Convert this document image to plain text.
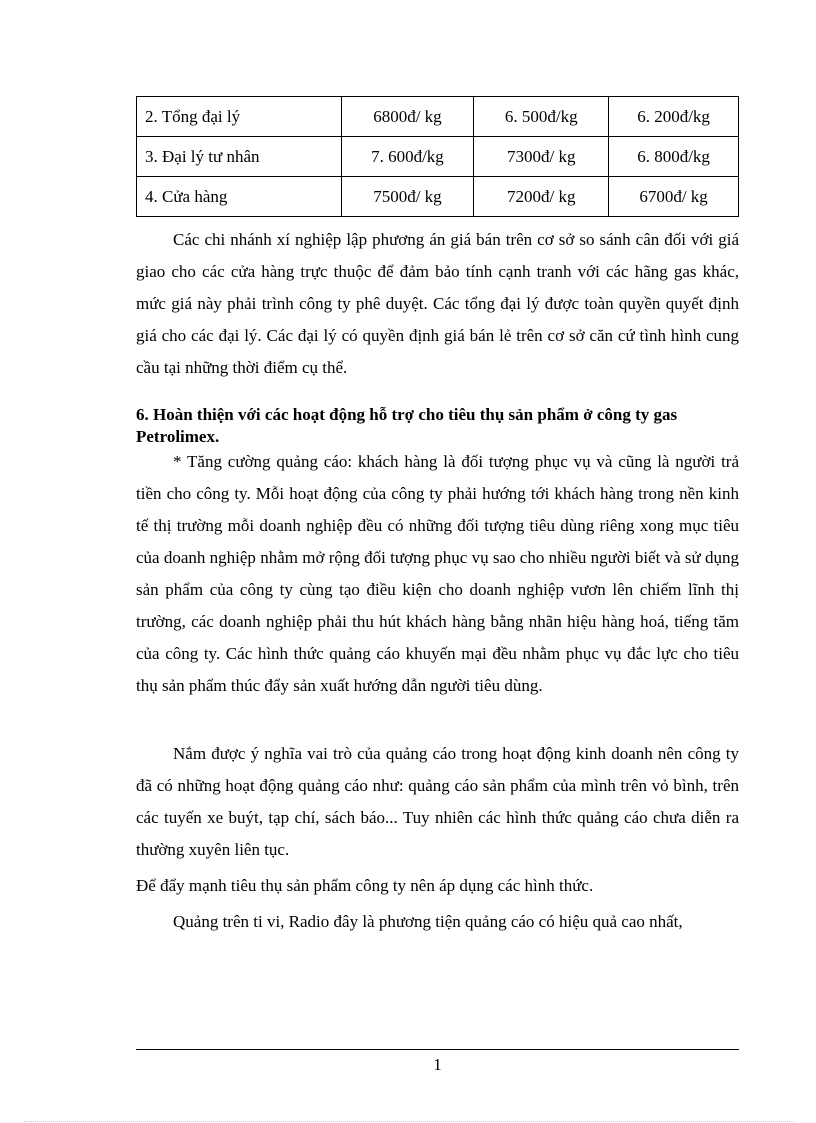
2. Tổng đại lý	6800đ/ kg	6. 500đ/kg	6. 200đ/kg
3. Đại lý tư nhân	7. 600đ/kg	7300đ/ kg	6. 800đ/kg
4. Cửa hàng	7500đ/ kg	7200đ/ kg	6700đ/ kg

Các chi nhánh xí nghiệp lập phương án giá bán trên cơ sở so sánh cân đối với giá giao cho các cửa hàng trực thuộc để đảm bảo tính cạnh tranh với các hãng gas khác, mức giá này phải trình công ty phê duyệt. Các tổng đại lý được toàn quyền quyết định giá cho các đại lý. Các đại lý có quyền định giá bán lẻ trên cơ sở căn cứ tình hình cung cầu tại những thời điểm cụ thể.

6. Hoàn thiện với các hoạt động hỗ trợ cho tiêu thụ sản phẩm ở công ty gas Petrolimex.

* Tăng cường quảng cáo: khách hàng là đối tượng phục vụ và cũng là người trả tiền cho công ty. Mỗi hoạt động của công ty phải hướng tới khách hàng trong nền kinh tế thị trường mỗi doanh nghiệp đều có những đối tượng tiêu dùng riêng xong mục tiêu của doanh nghiệp nhằm mở rộng đối tượng phục vụ sao cho nhiều người biết và sử dụng sản phẩm của công ty cùng tạo điều kiện cho doanh nghiệp vươn lên chiếm lĩnh thị trường, các doanh nghiệp phải thu hút khách hàng bằng nhãn hiệu hàng hoá, tiếng tăm của công ty. Các hình thức quảng cáo khuyến mại đều nhằm phục vụ đắc lực cho tiêu thụ sản phẩm thúc đẩy sản xuất hướng dẫn người tiêu dùng.

Nắm được ý nghĩa vai trò của quảng cáo trong hoạt động kinh doanh nên công ty đã có những hoạt động quảng cáo như: quảng cáo sản phẩm của mình trên vỏ bình, trên các tuyến xe buýt, tạp chí, sách báo... Tuy nhiên các hình thức quảng cáo chưa diễn ra thường xuyên liên tục.

Để đẩy mạnh tiêu thụ sản phẩm công ty nên áp dụng các hình thức.

Quảng trên ti vi, Radio đây là phương tiện quảng cáo có hiệu quả cao nhất,

1
